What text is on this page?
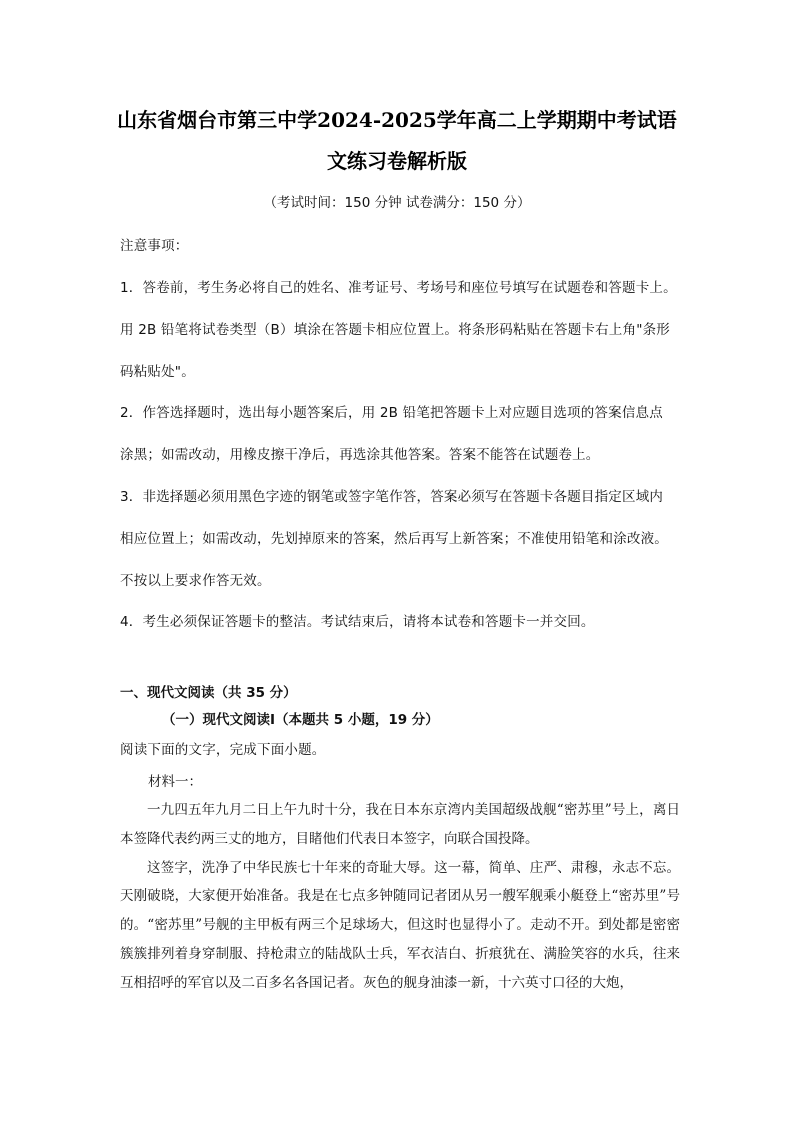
山东省烟台市第三中学2024-2025学年高二上学期期中考试语
文练习卷解析版
（考试时间：150 分钟 试卷满分：150 分）
注意事项：
1．答卷前，考生务必将自己的姓名、准考证号、考场号和座位号填写在试题卷和答题卡上。
用 2B 铅笔将试卷类型（B）填涂在答题卡相应位置上。将条形码粘贴在答题卡右上角"条形
码粘贴处"。
2．作答选择题时，选出每小题答案后，用 2B 铅笔把答题卡上对应题目选项的答案信息点
涂黑；如需改动，用橡皮擦干净后，再选涂其他答案。答案不能答在试题卷上。
3．非选择题必须用黑色字迹的钢笔或签字笔作答，答案必须写在答题卡各题目指定区域内
相应位置上；如需改动，先划掉原来的答案，然后再写上新答案；不准使用铅笔和涂改液。
不按以上要求作答无效。
4．考生必须保证答题卡的整洁。考试结束后，请将本试卷和答题卡一并交回。
一、现代文阅读（共 35 分）
（一）现代文阅读Ⅰ（本题共 5 小题，19 分）
阅读下面的文字，完成下面小题。
材料一：

一九四五年九月二日上午九时十分，我在日本东京湾内美国超级战舰“密苏里”号上，离日本签降代表约两三丈的地方，目睹他们代表日本签字，向联合国投降。

这签字，洗净了中华民族七十年来的奇耻大辱。这一幕，简单、庄严、肃穆，永志不忘。天刚破晓，大家便开始准备。我是在七点多钟随同记者团从另一艘军舰乘小艇登上“密苏里”号的。“密苏里”号舰的主甲板有两三个足球场大，但这时也显得小了。走动不开。到处都是密密簇簇排列着身穿制服、持枪肃立的陆战队士兵，军衣洁白、折痕犹在、满脸笑容的水兵，往来互相招呼的军官以及二百多名各国记者。灰色的舰身油漆一新，十六英寸口径的大炮，
